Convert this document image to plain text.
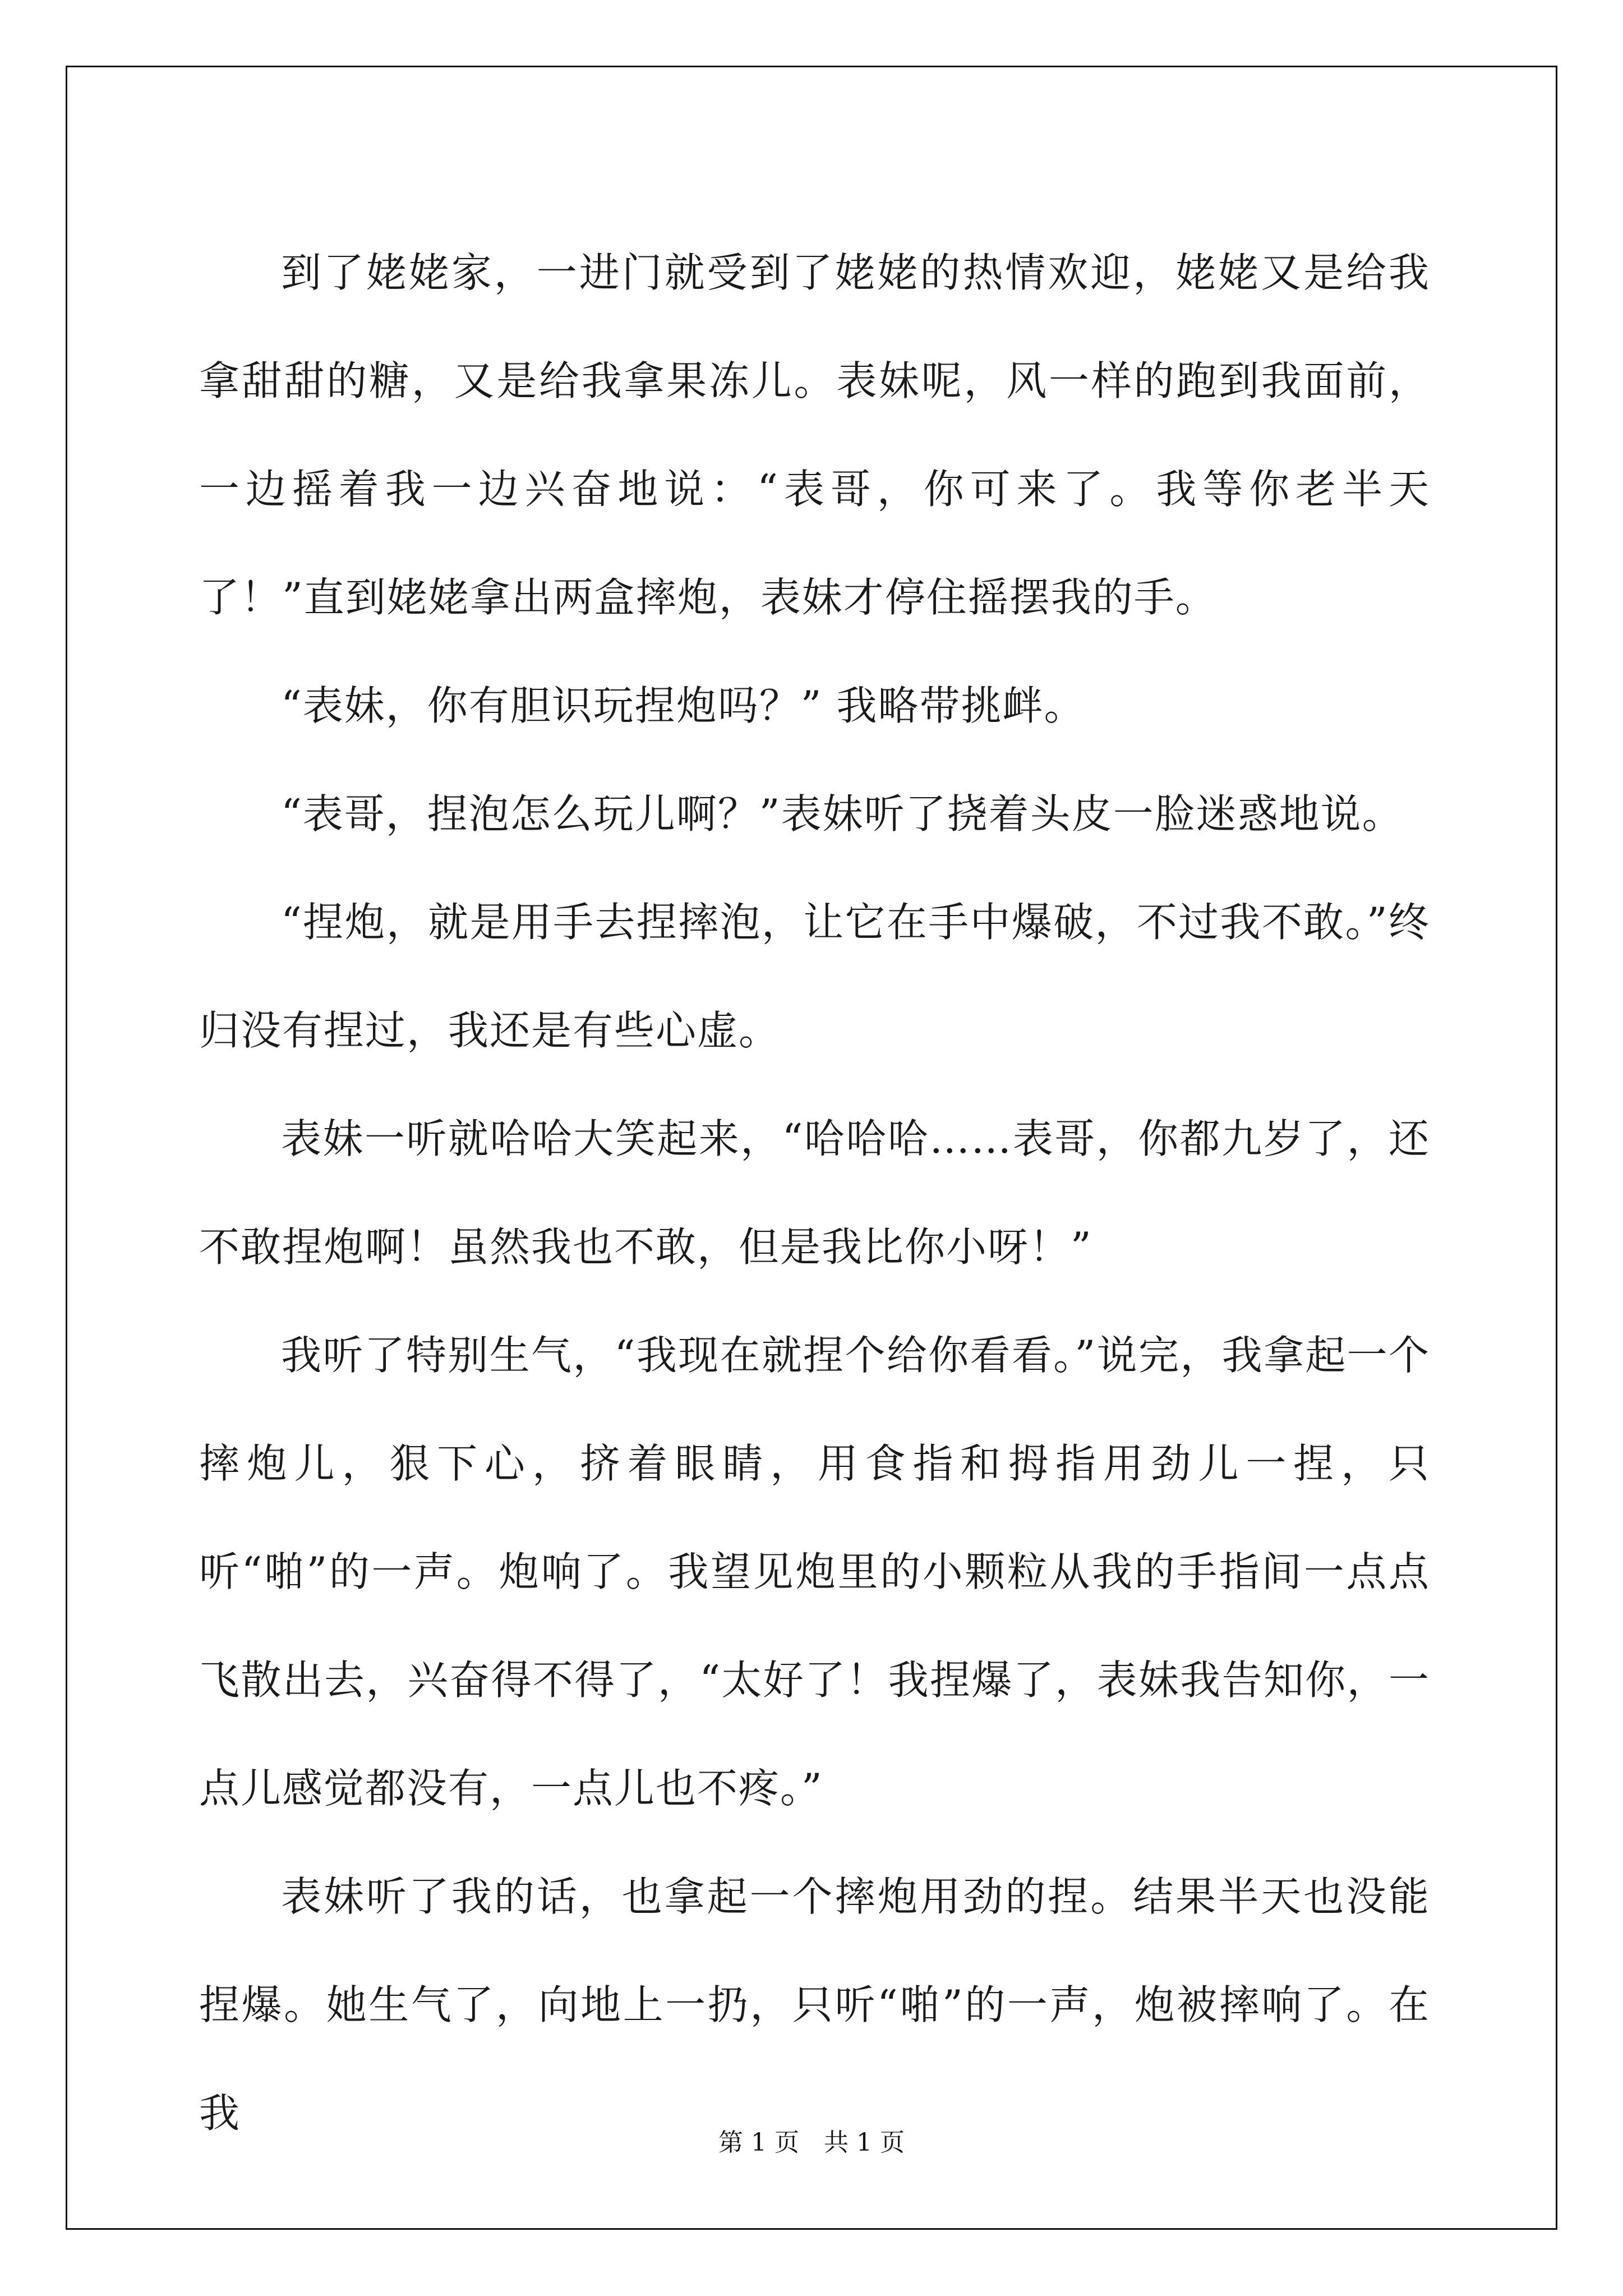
到了姥姥家，一进门就受到了姥姥的热情欢迎，姥姥又是给我拿甜甜的糖，又是给我拿果冻儿。表妹呢，风一样的跑到我面前，一边摇着我一边兴奋地说：“表哥，你可来了。我等你老半天了！”直到姥姥拿出两盒摔炮，表妹才停住摇摆我的手。

“表妹，你有胆识玩捏炮吗？” 我略带挑衅。

“表哥，捏泡怎么玩儿啊？”表妹听了挠着头皮一脸迷惑地说。

“捏炮，就是用手去捏摔泡，让它在手中爆破，不过我不敢。”终归没有捏过，我还是有些心虚。

表妹一听就哈哈大笑起来，“哈哈哈……表哥，你都九岁了，还不敢捏炮啊！虽然我也不敢，但是我比你小呀！”

我听了特别生气，“我现在就捏个给你看看。”说完，我拿起一个摔炮儿，狠下心，挤着眼睛，用食指和拇指用劲儿一捏，只听“啪”的一声。炮响了。我望见炮里的小颗粒从我的手指间一点点飞散出去，兴奋得不得了，“太好了！我捏爆了，表妹我告知你，一点儿感觉都没有，一点儿也不疼。”

表妹听了我的话，也拿起一个摔炮用劲的捏。结果半天也没能捏爆。她生气了，向地上一扔，只听“啪”的一声，炮被摔响了。在我

第 1 页 共 1 页
